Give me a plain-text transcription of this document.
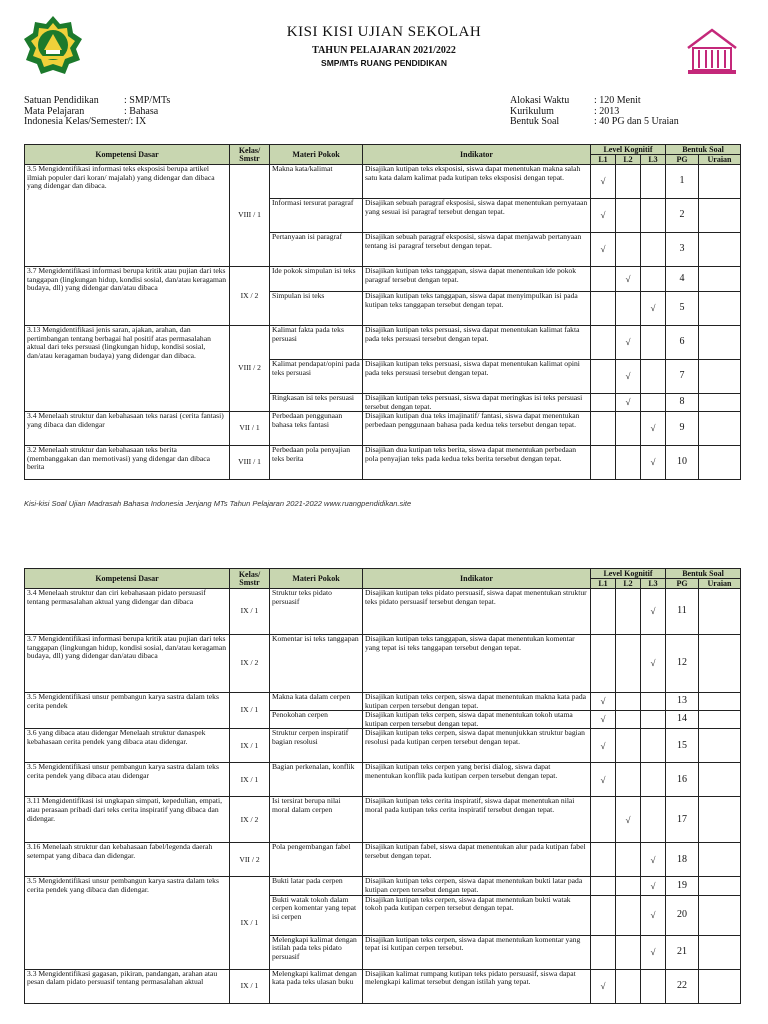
KISI KISI UJIAN SEKOLAH
TAHUN PELAJARAN 2021/2022
SMP/MTs RUANG PENDIDIKAN
Satuan Pendidikan	: SMP/MTs
Mata Pelajaran	: Bahasa
Indonesia Kelas/Semester/: IX
Alokasi Waktu : 120 Menit
Kurikulum	: 2013
Bentuk Soal	: 40 PG dan 5 Uraian
Kompetensi Dasar	Kelas/ Smstr	Materi Pokok	Indikator	Level Kognitif			Bentuk Soal	
				L1	L2	L3	PG	Uraian
3.5 Mengidentifikasi informasi teks eksposisi berupa artikel ilmiah populer dari koran/ majalah) yang didengar dan dibaca yang didengar dan dibaca.	VIII / 1	Makna kata/kalimat	Disajikan kutipan teks eksposisi, siswa dapat menentukan makna salah satu kata dalam kalimat pada kutipan teks eksposisi dengan tepat.	√			1	
		Informasi tersurat paragraf	Disajikan sebuah paragraf eksposisi, siswa dapat menentukan pernyataan yang sesuai isi paragraf tersebut dengan tepat.	√			2	
		Pertanyaan isi paragraf	Disajikan sebuah paragraf eksposisi, siswa dapat menjawab pertanyaan tentang isi paragraf tersebut dengan tepat.	√			3	
3.7 Mengidentifikasi informasi berupa kritik atau pujian dari teks tanggapan (lingkungan hidup, kondisi sosial, dan/atau keragaman budaya, dll) yang didengar dan/atau dibaca	IX / 2	Ide pokok simpulan isi teks	Disajikan kutipan teks tanggapan, siswa dapat menentukan ide pokok paragraf tersebut dengan tepat.		√		4	
		Simpulan isi teks	Disajikan kutipan teks tanggapan, siswa dapat menyimpulkan isi pada kutipan teks tanggapan tersebut dengan tepat.			√	5	
3.13 Mengidentifikasi jenis saran, ajakan, arahan, dan pertimbangan tentang berbagai hal positif atas permasalahan aktual dari teks persuasi (lingkungan hidup, kondisi sosial, dan/atau keragaman budaya) yang didengar dan dibaca.	VIII / 2	Kalimat fakta pada teks persuasi	Disajikan kutipan teks persuasi, siswa dapat menentukan kalimat fakta pada teks persuasi tersebut dengan tepat.		√		6	
		Kalimat pendapat/opini pada teks persuasi	Disajikan kutipan teks persuasi, siswa dapat menentukan kalimat opini pada teks persuasi tersebut dengan tepat.		√		7	
		Ringkasan isi teks persuasi	Disajikan kutipan teks persuasi, siswa dapat meringkas isi teks persuasi tersebut dengan tepat.		√		8	
3.4 Menelaah struktur dan kebahasaan teks narasi (cerita fantasi) yang dibaca dan didengar	VII / 1	Perbedaan penggunaan bahasa teks fantasi	Disajikan kutipan dua teks imajinatif/ fantasi, siswa dapat menentukan perbedaan penggunaan bahasa pada kedua teks tersebut dengan tepat.			√	9	
3.2 Menelaah struktur dan kebahasaan teks berita (membanggakan dan memotivasi) yang didengar dan dibaca berita	VIII / 1	Perbedaan pola penyajian teks berita	Disajikan dua kutipan teks berita, siswa dapat menentukan perbedaan pola penyajian teks pada kedua teks berita tersebut dengan tepat.			√	10	
Kisi-kisi Soal Ujian Madrasah Bahasa Indonesia Jenjang MTs Tahun Pelajaran 2021-2022 www.ruangpendidikan.site
Kompetensi Dasar	Kelas/ Smstr	Materi Pokok	Indikator	Level Kognitif			Bentuk Soal	
				L1	L2	L3	PG	Uraian
3.4 Menelaah struktur dan ciri kebahasaan pidato persuasif tentang permasalahan aktual yang didengar dan dibaca	IX / 1	Struktur teks pidato persuasif	Disajikan kutipan teks pidato persuasif, siswa dapat menentukan struktur teks pidato persuasif tersebut dengan tepat.			√	11	
3.7 Mengidentifikasi informasi berupa kritik atau pujian dari teks tanggapan (lingkungan hidup, kondisi sosial, dan/atau keragaman budaya, dll) yang didengar dan/atau dibaca	IX / 2	Komentar isi teks tanggapan	Disajikan kutipan teks tanggapan, siswa dapat menentukan komentar yang tepat isi teks tanggapan tersebut dengan tepat.			√	12	
3.5 Mengidentifikasi unsur pembangun karya sastra dalam teks cerita pendek	IX / 1	Makna kata dalam cerpen	Disajikan kutipan teks cerpen, siswa dapat menentukan makna kata pada kutipan cerpen tersebut dengan tepat.	√			13	
		Penokohan cerpen	Disajikan kutipan teks cerpen, siswa dapat menentukan tokoh utama kutipan cerpen tersebut dengan tepat.	√			14	
3.6 yang dibaca atau didengar Menelaah struktur danaspek kebahasaan cerita pendek yang dibaca atau didengar.	IX / 1	Struktur cerpen inspiratif bagian resolusi	Disajikan kutipan teks cerpen, siswa dapat menunjukkan struktur bagian resolusi pada kutipan cerpen tersebut dengan tepat.	√			15	
3.5 Mengidentifikasi unsur pembangun karya sastra dalam teks cerita pendek yang dibaca atau didengar	IX / 1	Bagian perkenalan, konflik	Disajikan kutipan teks cerpen yang berisi dialog, siswa dapat menentukan konflik pada kutipan cerpen tersebut dengan tepat.	√			16	
3.11 Mengidentifikasi isi ungkapan simpati, kepedulian, empati, atau perasaan pribadi dari teks cerita inspiratif yang dibaca dan didengar.	IX / 2	Isi tersirat berupa nilai moral dalam cerpen	Disajikan kutipan teks cerita inspiratif, siswa dapat menentukan nilai moral pada kutipan teks cerita inspiratif tersebut dengan tepat.		√		17	
3.16 Menelaah struktur dan kebahasaan fabel/legenda daerah setempat yang dibaca dan didengar.	VII / 2	Pola pengembangan fabel	Disajikan kutipan fabel, siswa dapat menentukan alur pada kutipan fabel tersebut dengan tepat.			√	18	
3.5 Mengidentifikasi unsur pembangun karya sastra dalam teks cerita pendek yang dibaca dan didengar.	IX / 1	Bukti latar pada cerpen	Disajikan kutipan teks cerpen, siswa dapat menentukan bukti latar pada kutipan cerpen tersebut dengan tepat.			√	19	
		Bukti watak tokoh dalam cerpen komentar yang tepat isi cerpen	Disajikan kutipan teks cerpen, siswa dapat menentukan bukti watak tokoh pada kutipan cerpen tersebut dengan tepat.			√	20	
		Melengkapi kalimat dengan istilah pada teks pidato persuasif	Disajikan kutipan teks cerpen, siswa dapat menentukan komentar yang tepat isi kutipan cerpen tersebut.			√	21	
3.3 Mengidentifikasi gagasan, pikiran, pandangan, arahan atau pesan dalam pidato persuasif tentang permasalahan aktual	IX / 1	Melengkapi kalimat dengan kata pada teks ulasan buku	Disajikan kalimat rumpang kutipan teks pidato persuasif, siswa dapat melengkapi kalimat tersebut dengan istilah yang tepat.	√			22	
